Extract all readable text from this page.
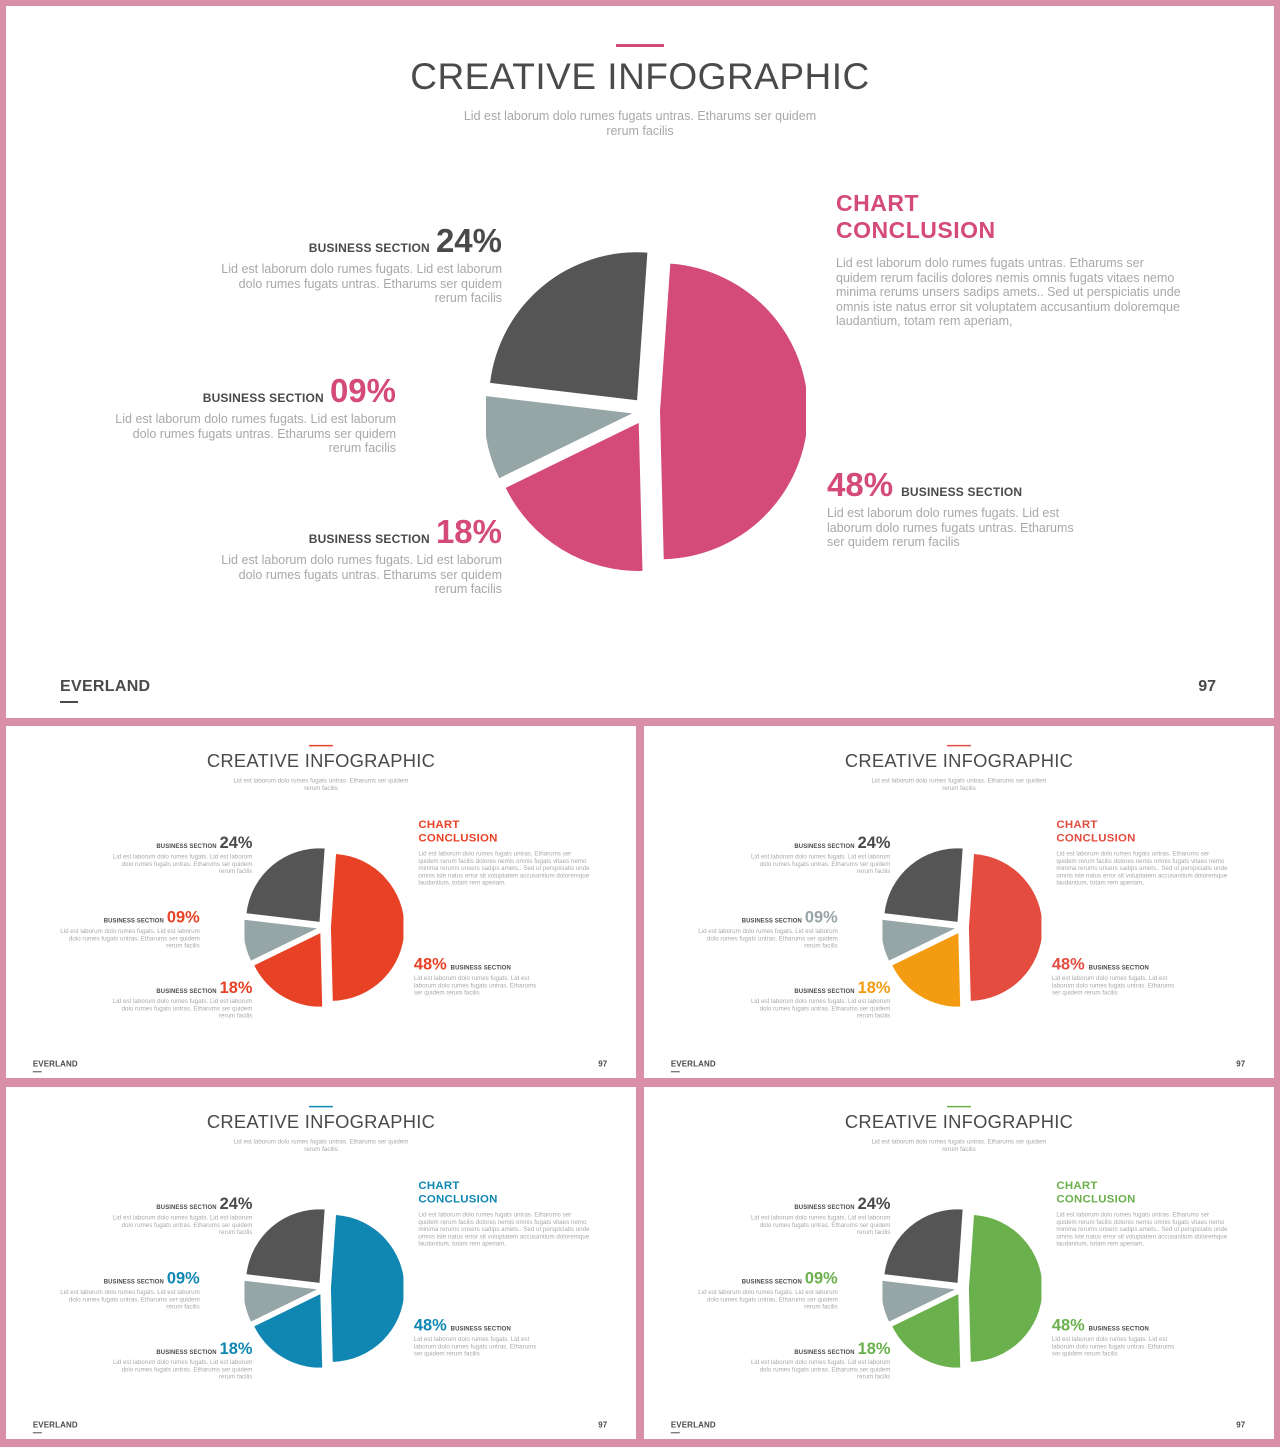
CREATIVE INFOGRAPHIC
Lid est laborum dolo rumes fugats untras. Etharums ser quidem rerum facilis
BUSINESS SECTION 24%
Lid est laborum dolo rumes fugats. Lid est laborum dolo rumes fugats untras. Etharums ser quidem rerum facilis
BUSINESS SECTION 09%
Lid est laborum dolo rumes fugats. Lid est laborum dolo rumes fugats untras. Etharums ser quidem rerum facilis
BUSINESS SECTION 18%
Lid est laborum dolo rumes fugats. Lid est laborum dolo rumes fugats untras. Etharums ser quidem rerum facilis
48% BUSINESS SECTION
Lid est laborum dolo rumes fugats. Lid est laborum dolo rumes fugats untras. Etharums ser quidem rerum facilis
CHART
CONCLUSION
Lid est laborum dolo rumes fugats untras. Etharums ser quidem rerum facilis dolores nemis omnis fugats vitaes nemo minima rerums unsers sadips amets.. Sed ut perspiciatis unde omnis iste natus error sit voluptatem accusantium doloremque laudantium, totam rem aperiam,
EVERLAND	97
CREATIVE INFOGRAPHIC
Lid est laborum dolo rumes fugats untras. Etharums ser quidem rerum facilis
BUSINESS SECTION24%
Lid est laborum dolo rumes fugats. Lid est laborum dolo rumes fugats untras. Etharums ser quidem rerum facilis
BUSINESS SECTION09%
Lid est laborum dolo rumes fugats. Lid est laborum dolo rumes fugats untras. Etharums ser quidem rerum facilis
BUSINESS SECTION18%
Lid est laborum dolo rumes fugats. Lid est laborum dolo rumes fugats untras. Etharums ser quidem rerum facilis
48% BUSINESS SECTION
Lid est laborum dolo rumes fugats. Lid est laborum dolo rumes fugats untras. Etharums ser quidem rerum facilis
CHART
CONCLUSION
Lid est laborum dolo rumes fugats untras. Etharums ser quidem rerum facilis dolores nemis omnis fugats vitaes nemo minima rerums unsers sadips amets.. Sed ut perspiciatis unde omnis iste natus error sit voluptatem accusantium doloremque laudantium, totam rem aperiam,
EVERLAND	97
CREATIVE INFOGRAPHIC
Lid est laborum dolo rumes fugats untras. Etharums ser quidem rerum facilis
BUSINESS SECTION24%
Lid est laborum dolo rumes fugats. Lid est laborum dolo rumes fugats untras. Etharums ser quidem rerum facilis
BUSINESS SECTION09%
Lid est laborum dolo rumes fugats. Lid est laborum dolo rumes fugats untras. Etharums ser quidem rerum facilis
BUSINESS SECTION18%
Lid est laborum dolo rumes fugats. Lid est laborum dolo rumes fugats untras. Etharums ser quidem rerum facilis
48% BUSINESS SECTION
Lid est laborum dolo rumes fugats. Lid est laborum dolo rumes fugats untras. Etharums ser quidem rerum facilis
CHART
CONCLUSION
Lid est laborum dolo rumes fugats untras. Etharums ser quidem rerum facilis dolores nemis omnis fugats vitaes nemo minima rerums unsers sadips amets.. Sed ut perspiciatis unde omnis iste natus error sit voluptatem accusantium doloremque laudantium, totam rem aperiam,
EVERLAND	97
CREATIVE INFOGRAPHIC
Lid est laborum dolo rumes fugats untras. Etharums ser quidem rerum facilis
BUSINESS SECTION24%
Lid est laborum dolo rumes fugats. Lid est laborum dolo rumes fugats untras. Etharums ser quidem rerum facilis
BUSINESS SECTION09%
Lid est laborum dolo rumes fugats. Lid est laborum dolo rumes fugats untras. Etharums ser quidem rerum facilis
BUSINESS SECTION18%
Lid est laborum dolo rumes fugats. Lid est laborum dolo rumes fugats untras. Etharums ser quidem rerum facilis
48% BUSINESS SECTION
Lid est laborum dolo rumes fugats. Lid est laborum dolo rumes fugats untras. Etharums ser quidem rerum facilis
CHART
CONCLUSION
Lid est laborum dolo rumes fugats untras. Etharums ser quidem rerum facilis dolores nemis omnis fugats vitaes nemo minima rerums unsers sadips amets.. Sed ut perspiciatis unde omnis iste natus error sit voluptatem accusantium doloremque laudantium, totam rem aperiam,
EVERLAND	97
CREATIVE INFOGRAPHIC
Lid est laborum dolo rumes fugats untras. Etharums ser quidem rerum facilis
BUSINESS SECTION24%
Lid est laborum dolo rumes fugats. Lid est laborum dolo rumes fugats untras. Etharums ser quidem rerum facilis
BUSINESS SECTION09%
Lid est laborum dolo rumes fugats. Lid est laborum dolo rumes fugats untras. Etharums ser quidem rerum facilis
BUSINESS SECTION18%
Lid est laborum dolo rumes fugats. Lid est laborum dolo rumes fugats untras. Etharums ser quidem rerum facilis
48% BUSINESS SECTION
Lid est laborum dolo rumes fugats. Lid est laborum dolo rumes fugats untras. Etharums ser quidem rerum facilis
CHART
CONCLUSION
Lid est laborum dolo rumes fugats untras. Etharums ser quidem rerum facilis dolores nemis omnis fugats vitaes nemo minima rerums unsers sadips amets.. Sed ut perspiciatis unde omnis iste natus error sit voluptatem accusantium doloremque laudantium, totam rem aperiam,
EVERLAND	97
